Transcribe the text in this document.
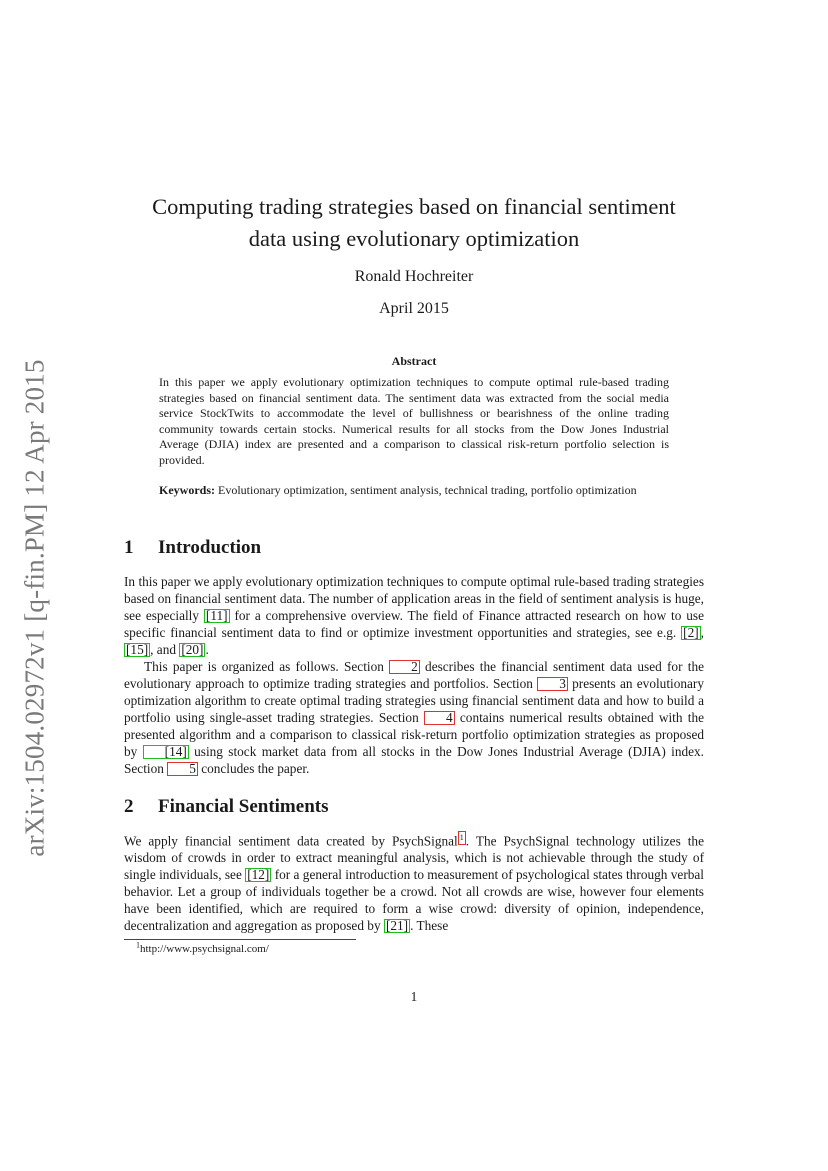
arXiv:1504.02972v1 [q-fin.PM] 12 Apr 2015
Computing trading strategies based on financial sentiment
data using evolutionary optimization
Ronald Hochreiter
April 2015
Abstract
In this paper we apply evolutionary optimization techniques to compute optimal rule-based trading strategies based on financial sentiment data. The sentiment data was extracted from the social media service StockTwits to accommodate the level of bullishness or bearishness of the online trading community towards certain stocks. Numerical results for all stocks from the Dow Jones Industrial Average (DJIA) index are presented and a comparison to classical risk-return portfolio selection is provided.
Keywords: Evolutionary optimization, sentiment analysis, technical trading, portfolio optimization
1 Introduction

In this paper we apply evolutionary optimization techniques to compute optimal rule-based trading strategies based on financial sentiment data. The number of application areas in the field of sentiment analysis is huge, see especially [11] for a comprehensive overview. The field of Finance attracted research on how to use specific financial sentiment data to find or optimize investment opportunities and strategies, see e.g. [2] , [15] , and [20] .

This paper is organized as follows. Section 2 describes the financial sentiment data used for the evolutionary approach to optimize trading strategies and portfolios. Section 3 presents an evolutionary optimization algorithm to create optimal trading strategies using financial sentiment data and how to build a portfolio using single-asset trading strategies. Section 4 contains numerical results obtained with the presented algorithm and a comparison to classical risk-return portfolio optimization strategies as proposed by [14] using stock market data from all stocks in the Dow Jones Industrial Average (DJIA) index. Section 5 concludes the paper.

2 Financial Sentiments

We apply financial sentiment data created by PsychSignal $^1$ . The PsychSignal technology utilizes the wisdom of crowds in order to extract meaningful analysis, which is not achievable through the study of single individuals, see [12] for a general introduction to measurement of psychological states through verbal behavior. Let a group of individuals together be a crowd. Not all crowds are wise, however four elements have been identified, which are required to form a wise crowd: diversity of opinion, independence, decentralization and aggregation as proposed by [21] . These

$^1$http://www.psychsignal.com/
1
